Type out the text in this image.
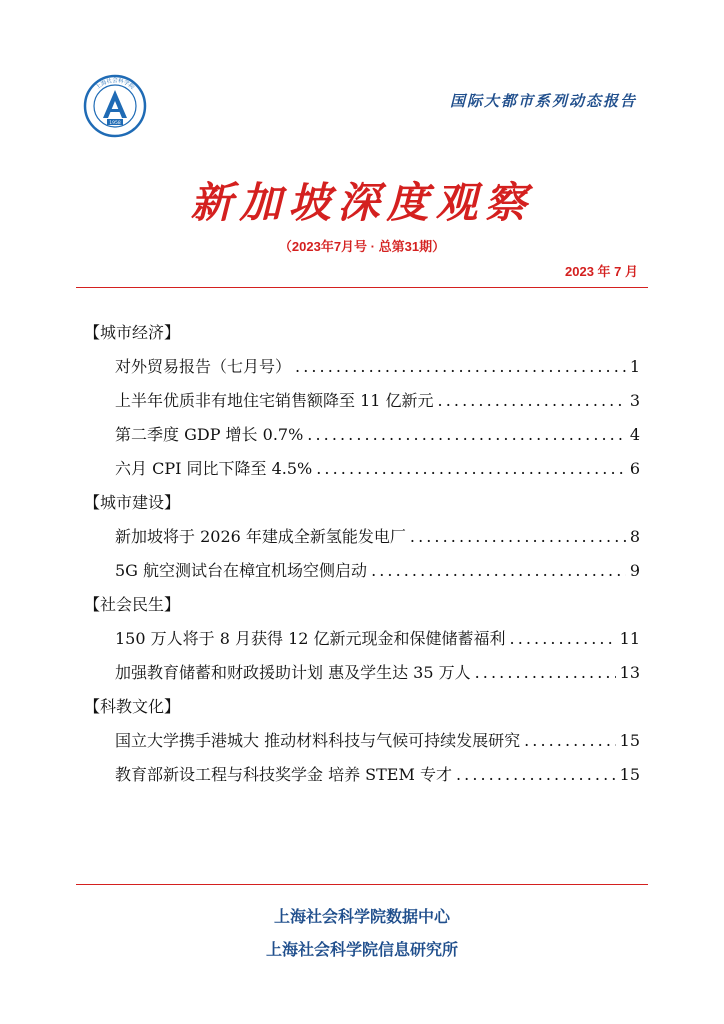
上海社会科学院
1958
国际大都市系列动态报告
新加坡深度观察
（2023年7月号 · 总第31期）
2023 年 7 月
【城市经济】
对外贸易报告（七月号） . . .	1
上半年优质非有地住宅销售额降至 11 亿新元 . . .	3
第二季度 GDP 增长 0.7% . . .	4
六月 CPI 同比下降至 4.5% . . .	6
【城市建设】
新加坡将于 2026 年建成全新氢能发电厂 . . .	8
5G 航空测试台在樟宜机场空侧启动 . . .	9
【社会民生】
150 万人将于 8 月获得 12 亿新元现金和保健储蓄福利 . . .	11
加强教育储蓄和财政援助计划 惠及学生达 35 万人 . . .	13
【科教文化】
国立大学携手港城大 推动材料科技与气候可持续发展研究 . . .	15
教育部新设工程与科技奖学金 培养 STEM 专才 . . .	15
上海社会科学院数据中心
上海社会科学院信息研究所
